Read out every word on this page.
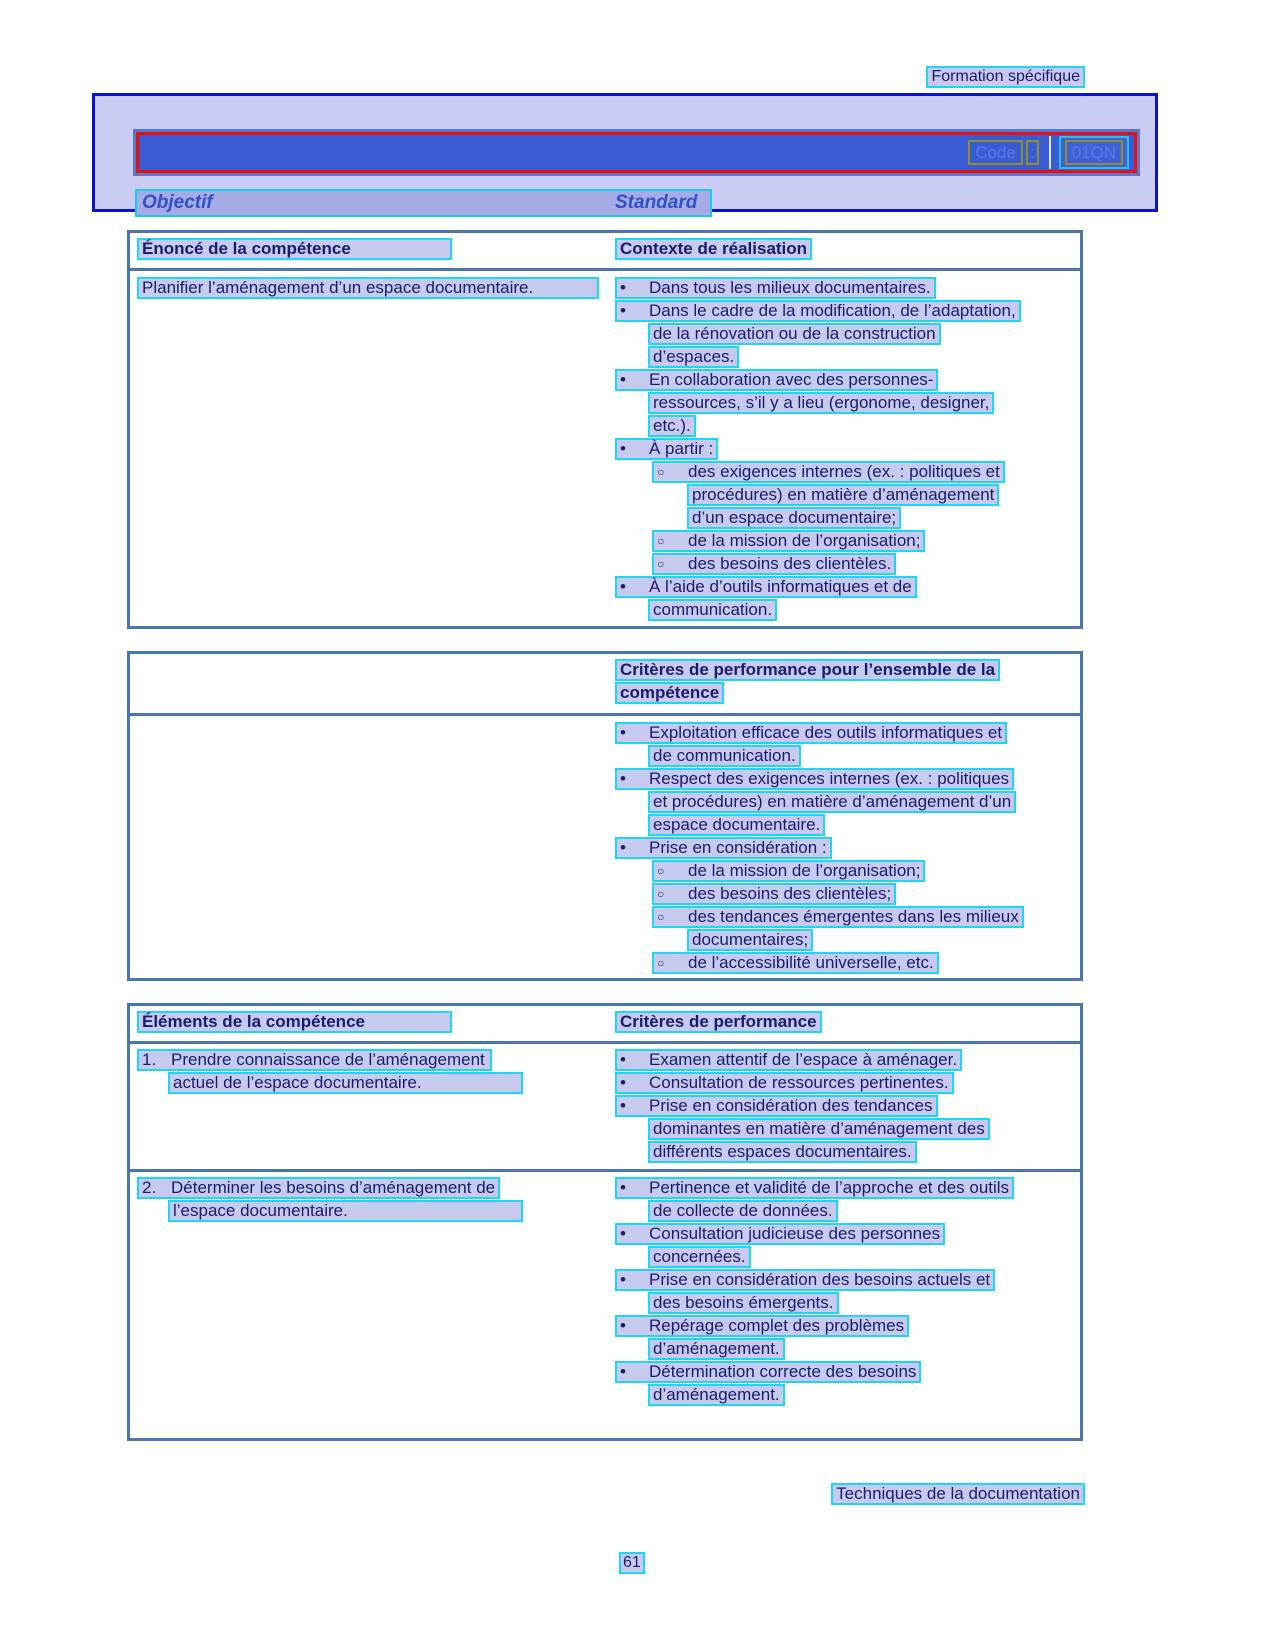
Formation spécifique
Code :	01QN
Objectif	Standard
Énoncé de la compétence	Contexte de réalisation
Planifier l’aménagement d’un espace documentaire.	•	Dans tous les milieux documentaires.
•	Dans le cadre de la modification, de l’adaptation,
de la rénovation ou de la construction
d’espaces.
•	En collaboration avec des personnes-
ressources, s’il y a lieu (ergonome, designer,
etc.).
•	À partir :
○	des exigences internes (ex. : politiques et
procédures) en matière d’aménagement
d’un espace documentaire;
○	de la mission de l’organisation;
○	des besoins des clientèles.
•	À l’aide d’outils informatiques et de
communication.
Critères de performance pour l’ensemble de la
compétence
•	Exploitation efficace des outils informatiques et
de communication.
•	Respect des exigences internes (ex. : politiques
et procédures) en matière d’aménagement d’un
espace documentaire.
•	Prise en considération :
○	de la mission de l’organisation;
○	des besoins des clientèles;
○	des tendances émergentes dans les milieux
documentaires;
○	de l’accessibilité universelle, etc.
Éléments de la compétence	Critères de performance
1. Prendre connaissance de l’aménagement
actuel de l’espace documentaire.
•	Examen attentif de l’espace à aménager.
•	Consultation de ressources pertinentes.
•	Prise en considération des tendances
dominantes en matière d’aménagement des
différents espaces documentaires.
2. Déterminer les besoins d’aménagement de
l’espace documentaire.
•	Pertinence et validité de l’approche et des outils
de collecte de données.
•	Consultation judicieuse des personnes
concernées.
•	Prise en considération des besoins actuels et
des besoins émergents.
•	Repérage complet des problèmes
d’aménagement.
•	Détermination correcte des besoins
d’aménagement.
Techniques de la documentation
61
